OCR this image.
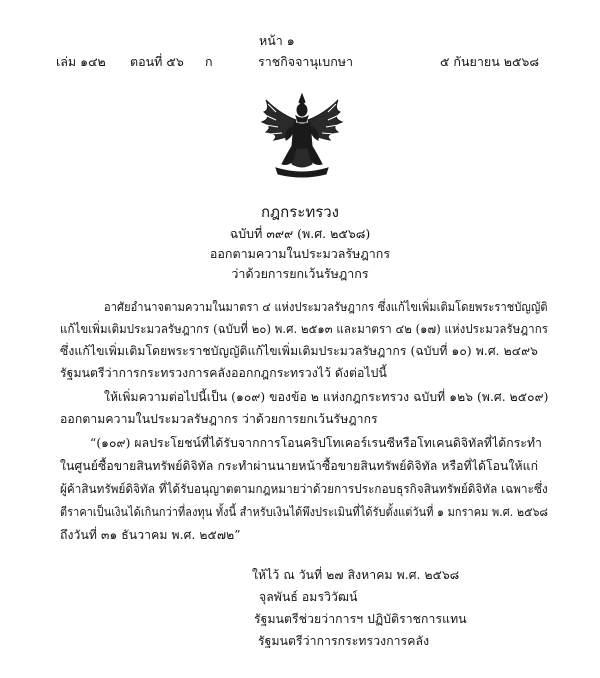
หน้า ๑
เล่ม ๑๔๒ ตอนที่ ๕๖ ก	ราชกิจจานุเบกษา	๕ กันยายน ๒๕๖๘
กฎกระทรวง
ฉบับที่ ๓๙๙ (พ.ศ. ๒๕๖๘)
ออกตามความในประมวลรัษฎากร
ว่าด้วยการยกเว้นรัษฎากร
อาศัยอำนาจตามความในมาตรา ๔ แห่งประมวลรัษฎากร ซึ่งแก้ไขเพิ่มเติมโดยพระราชบัญญัติ
แก้ไขเพิ่มเติมประมวลรัษฎากร (ฉบับที่ ๒๐) พ.ศ. ๒๕๑๓ และมาตรา ๔๒ (๑๗) แห่งประมวลรัษฎากร
ซึ่งแก้ไขเพิ่มเติมโดยพระราชบัญญัติแก้ไขเพิ่มเติมประมวลรัษฎากร (ฉบับที่ ๑๐) พ.ศ. ๒๔๙๖
รัฐมนตรีว่าการกระทรวงการคลังออกกฎกระทรวงไว้ ดังต่อไปนี้
ให้เพิ่มความต่อไปนี้เป็น (๑๐๙) ของข้อ ๒ แห่งกฎกระทรวง ฉบับที่ ๑๒๖ (พ.ศ. ๒๕๐๙)
ออกตามความในประมวลรัษฎากร ว่าด้วยการยกเว้นรัษฎากร
“(๑๐๙) ผลประโยชน์ที่ได้รับจากการโอนคริปโทเคอร์เรนซีหรือโทเคนดิจิทัลที่ได้กระทำ
ในศูนย์ซื้อขายสินทรัพย์ดิจิทัล กระทำผ่านนายหน้าซื้อขายสินทรัพย์ดิจิทัล หรือที่ได้โอนให้แก่
ผู้ค้าสินทรัพย์ดิจิทัล ที่ได้รับอนุญาตตามกฎหมายว่าด้วยการประกอบธุรกิจสินทรัพย์ดิจิทัล เฉพาะซึ่ง
ตีราคาเป็นเงินได้เกินกว่าที่ลงทุน ทั้งนี้ สำหรับเงินได้พึงประเมินที่ได้รับตั้งแต่วันที่ ๑ มกราคม พ.ศ. ๒๕๖๘
ถึงวันที่ ๓๑ ธันวาคม พ.ศ. ๒๕๗๒”
ให้ไว้ ณ วันที่ ๒๗ สิงหาคม พ.ศ. ๒๕๖๘
จุลพันธ์ อมรวิวัฒน์
รัฐมนตรีช่วยว่าการฯ ปฏิบัติราชการแทน
รัฐมนตรีว่าการกระทรวงการคลัง
